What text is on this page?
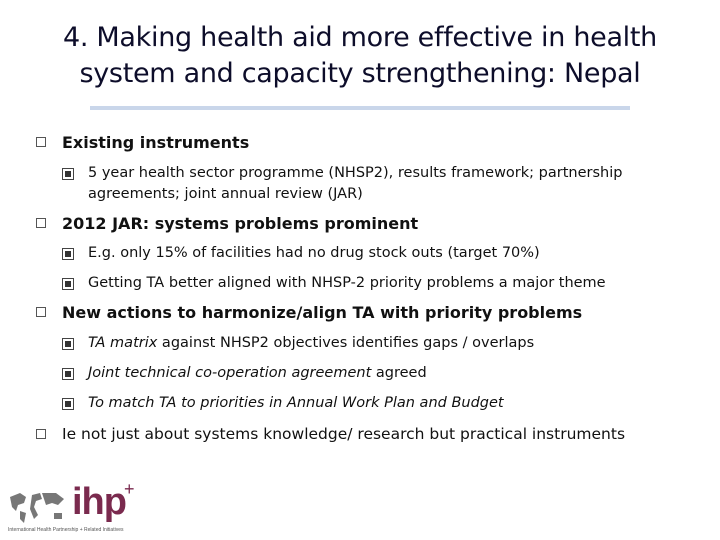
4. Making health aid more effective in health
system and capacity strengthening: Nepal
Existing instruments
5 year health sector programme (NHSP2), results framework; partnership
agreements; joint annual review (JAR)
2012 JAR: systems problems prominent
E.g. only 15% of facilities had no drug stock outs (target 70%)
Getting TA better aligned with NHSP-2 priority problems a major theme
New actions to harmonize/align TA with priority problems
TA matrix against NHSP2 objectives identifies gaps / overlaps
Joint technical co-operation agreement agreed
To match TA to priorities in Annual Work Plan and Budget
Ie not just about systems knowledge/ research but practical instruments
ihp
+
International Health Partnership + Related Initiatives
